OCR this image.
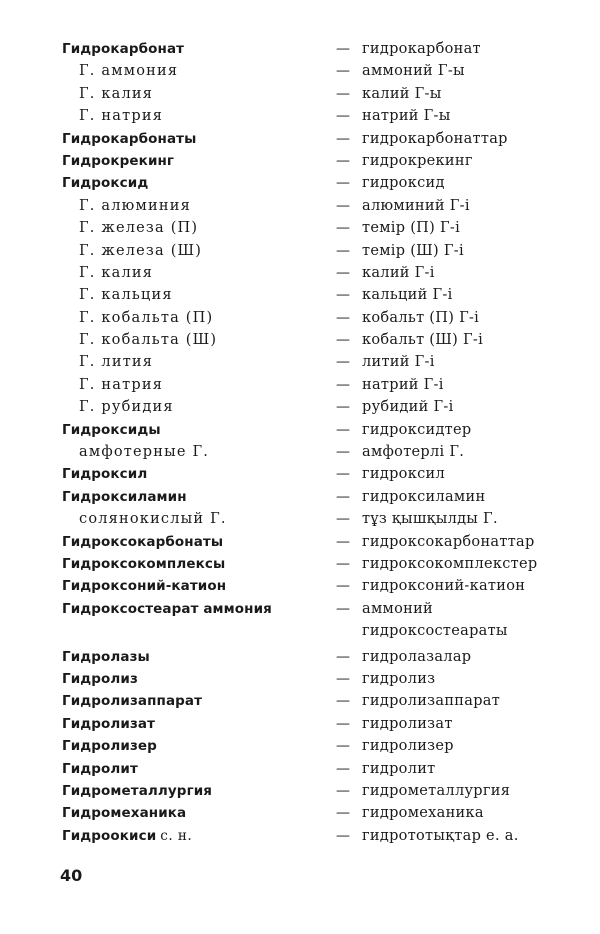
Гидрокарбонат	— гидрокарбонат
Г. аммония	— аммоний Г-ы
Г. калия	— калий Г-ы
Г. натрия	— натрий Г-ы
Гидрокарбонаты	— гидрокарбонаттар
Гидрокрекинг	— гидрокрекинг
Гидроксид	— гидроксид
Г. алюминия	— алюминий Г-і
Г. железа (П)	— темір (П) Г-і
Г. железа (Ш)	— темір (Ш) Г-і
Г. калия	— калий Г-і
Г. кальция	— кальций Г-і
Г. кобальта (П)	— кобальт (П) Г-і
Г. кобальта (Ш)	— кобальт (Ш) Г-і
Г. лития	— литий Г-і
Г. натрия	— натрий Г-і
Г. рубидия	— рубидий Г-і
Гидроксиды	— гидроксидтер
амфотерные Г.	— амфотерлі Г.
Гидроксил	— гидроксил
Гидроксиламин	— гидроксиламин
солянокислый Г.	— тұз қышқылды Г.
Гидроксокарбонаты	— гидроксокарбонаттар
Гидроксокомплексы	— гидроксокомплекстер
Гидроксоний-катион	— гидроксоний-катион
Гидроксостеарат аммония	— аммоний
гидроксостеараты
Гидролазы	— гидролазалар
Гидролиз	— гидролиз
Гидролизаппарат	— гидролизаппарат
Гидролизат	— гидролизат
Гидролизер	— гидролизер
Гидролит	— гидролит
Гидрометаллургия	— гидрометаллургия
Гидромеханика	— гидромеханика
Гидроокиси с. н.	— гидрототықтар е. а.
40
